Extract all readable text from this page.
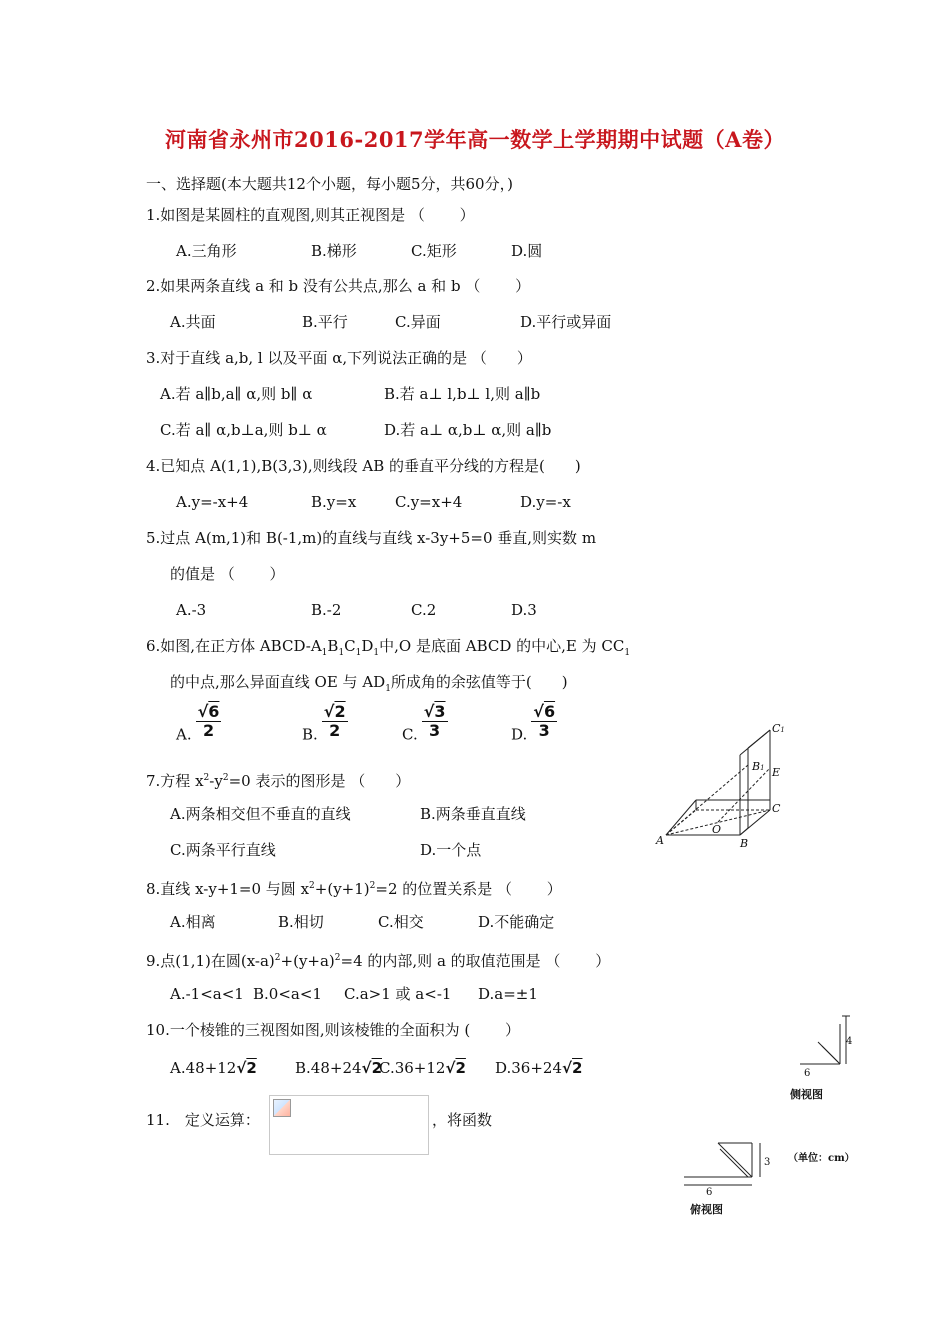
河南省永州市2016-2017学年高一数学上学期期中试题（A卷）
一、选择题(本大题共12个小题，每小题5分，共60分，)
1.如图是某圆柱的直观图,则其正视图是 （　　 ）
A.三角形	B.梯形	C.矩形	D.圆
2.如果两条直线 a 和 b 没有公共点,那么 a 和 b （　　 ）
A.共面	B.平行	C.异面	D.平行或异面
3.对于直线 a,b, l 以及平面 α,下列说法正确的是 （　　）
A.若 a∥b,a∥ α,则 b∥ α	B.若 a⊥ l,b⊥ l,则 a∥b
C.若 a∥ α,b⊥a,则 b⊥ α	D.若 a⊥ α,b⊥ α,则 a∥b
4.已知点 A(1,1),B(3,3),则线段 AB 的垂直平分线的方程是(　　)
A.y=-x+4	B.y=x	C.y=x+4	D.y=-x
5.过点 A(m,1)和 B(-1,m)的直线与直线 x-3y+5=0 垂直,则实数 m
的值是 （　　 ）
A.-3	B.-2	C.2	D.3
6.如图,在正方体 ABCD-$A_1B_1C_1D_1$中,O 是底面 ABCD 的中心,E 为 $CC_1$
的中点,那么异面直线 OE 与 $AD_1$所成角的余弦值等于(　　)
A. $\frac{√6}{2}$	B. $\frac{√2}{2}$	C. $\frac{√3}{3}$	D. $\frac{√6}{3}$
7.方程 $x^2-y^2=0$ 表示的图形是 （　　）
A.两条相交但不垂直的直线	B.两条垂直直线
C.两条平行直线	D.一个点
8.直线 x-y+1=0 与圆 $x^2+(y+1)^2=2$ 的位置关系是 （　　 ）
A.相离	B.相切	C.相交	D.不能确定
9.点(1,1)在圆$(x-a)^2+(y+a)^2=4$ 的内部,则 a 的取值范围是 （　　 ）
A.-1<a<1 B.0<a<1 C.a>1 或 a<-1 D.a=±1
10.一个棱锥的三视图如图,则该棱锥的全面积为 (　　 ）
A.48+12√2	B.48+24√2
C.36+12√2 D.36+24√2
11.　定义运算：	，将函数
C1
B1 E
C
O
A	B
4
6
侧视图
3 （单位：cm）
6
俯视图
